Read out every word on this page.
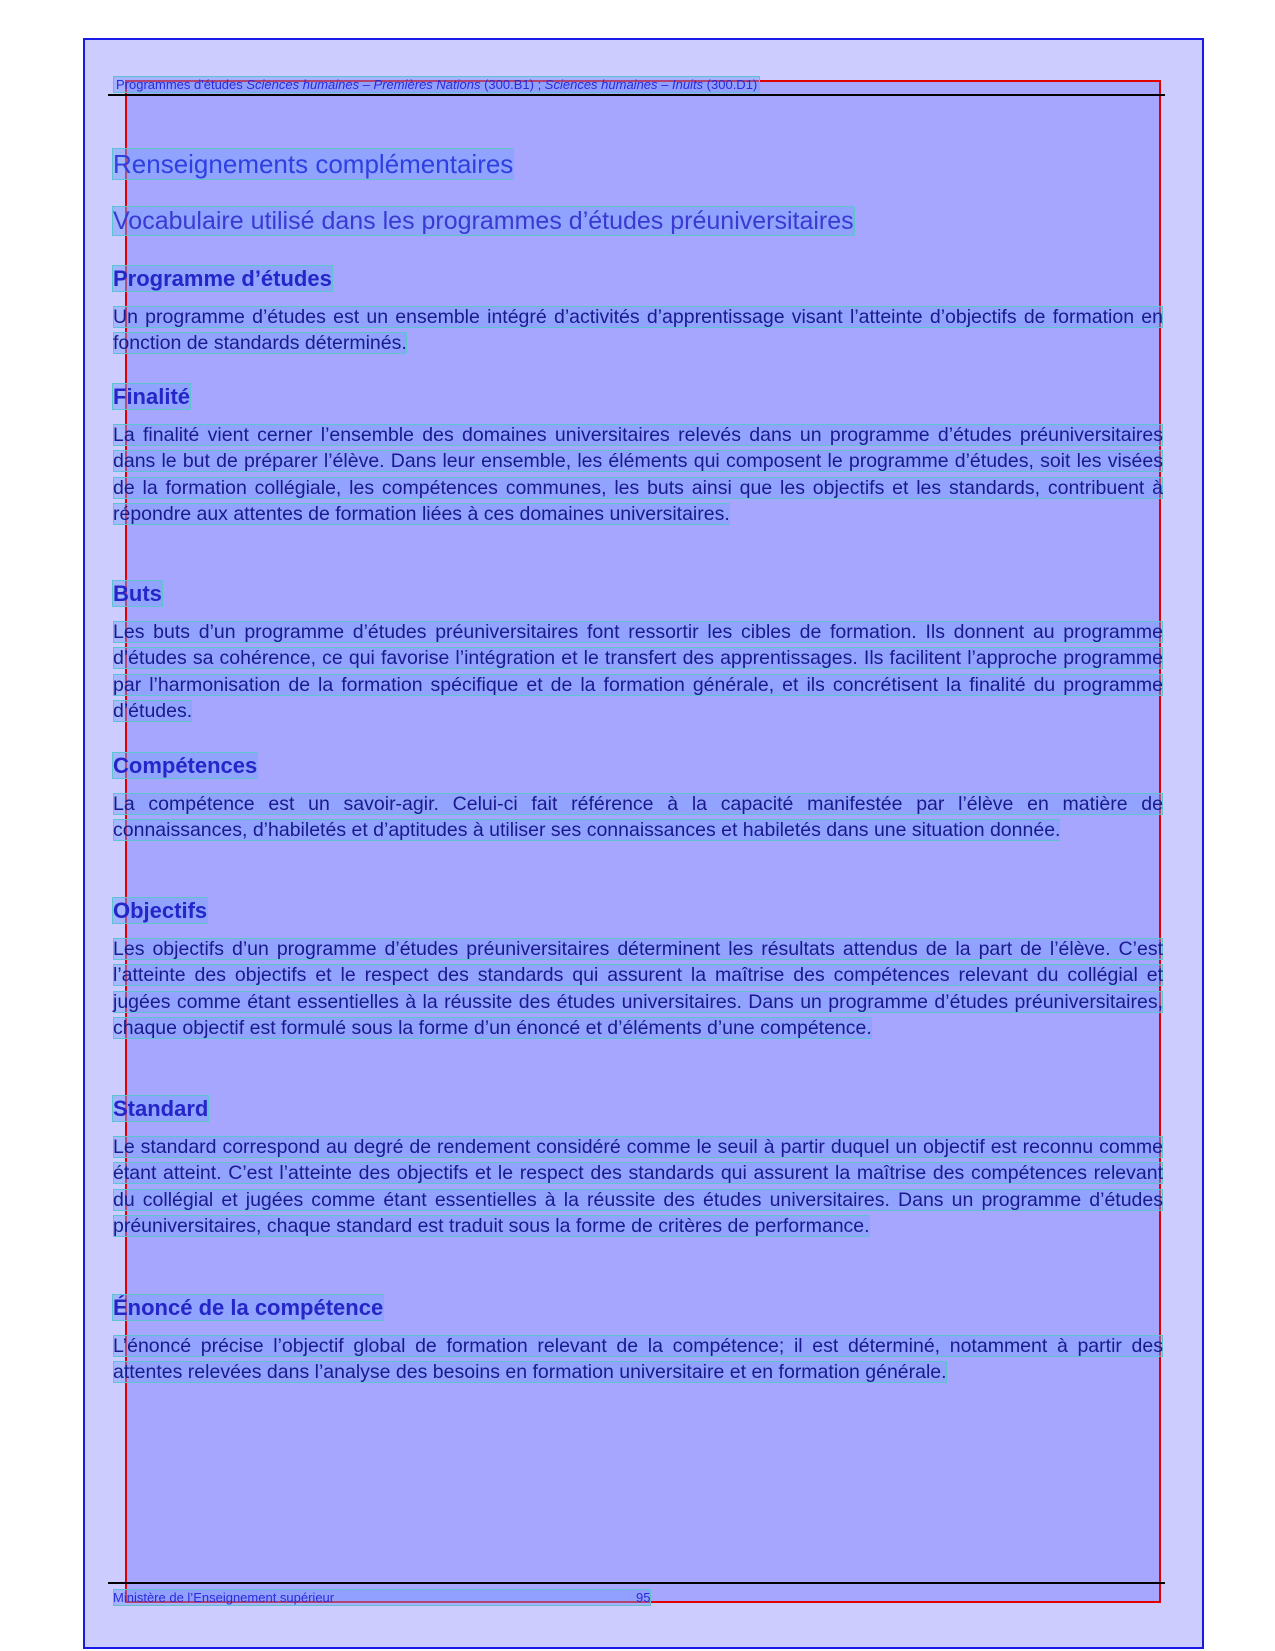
Programmes d'études Sciences humaines – Premières Nations (300.B1) ; Sciences humaines – Inuits (300.D1)
Renseignements complémentaires
Vocabulaire utilisé dans les programmes d’études préuniversitaires
Programme d’études
Un programme d’études est un ensemble intégré d’activités d’apprentissage visant l’atteinte d’objectifs de formation en fonction de standards déterminés.
Finalité
La finalité vient cerner l’ensemble des domaines universitaires relevés dans un programme d’études préuniversitaires dans le but de préparer l’élève. Dans leur ensemble, les éléments qui composent le programme d’études, soit les visées de la formation collégiale, les compétences communes, les buts ainsi que les objectifs et les standards, contribuent à répondre aux attentes de formation liées à ces domaines universitaires.
Buts
Les buts d’un programme d’études préuniversitaires font ressortir les cibles de formation. Ils donnent au programme d’études sa cohérence, ce qui favorise l’intégration et le transfert des apprentissages. Ils facilitent l’approche programme par l’harmonisation de la formation spécifique et de la formation générale, et ils concrétisent la finalité du programme d’études.
Compétences
La compétence est un savoir-agir. Celui-ci fait référence à la capacité manifestée par l’élève en matière de connaissances, d’habiletés et d’aptitudes à utiliser ses connaissances et habiletés dans une situation donnée.
Objectifs
Les objectifs d’un programme d’études préuniversitaires déterminent les résultats attendus de la part de l’élève. C’est l’atteinte des objectifs et le respect des standards qui assurent la maîtrise des compétences relevant du collégial et jugées comme étant essentielles à la réussite des études universitaires. Dans un programme d’études préuniversitaires, chaque objectif est formulé sous la forme d’un énoncé et d’éléments d’une compétence.
Standard
Le standard correspond au degré de rendement considéré comme le seuil à partir duquel un objectif est reconnu comme étant atteint. C’est l’atteinte des objectifs et le respect des standards qui assurent la maîtrise des compétences relevant du collégial et jugées comme étant essentielles à la réussite des études universitaires. Dans un programme d’études préuniversitaires, chaque standard est traduit sous la forme de critères de performance.
Énoncé de la compétence
L’énoncé précise l’objectif global de formation relevant de la compétence; il est déterminé, notamment à partir des attentes relevées dans l’analyse des besoins en formation universitaire et en formation générale.
Ministère de l’Enseignement supérieur	95
